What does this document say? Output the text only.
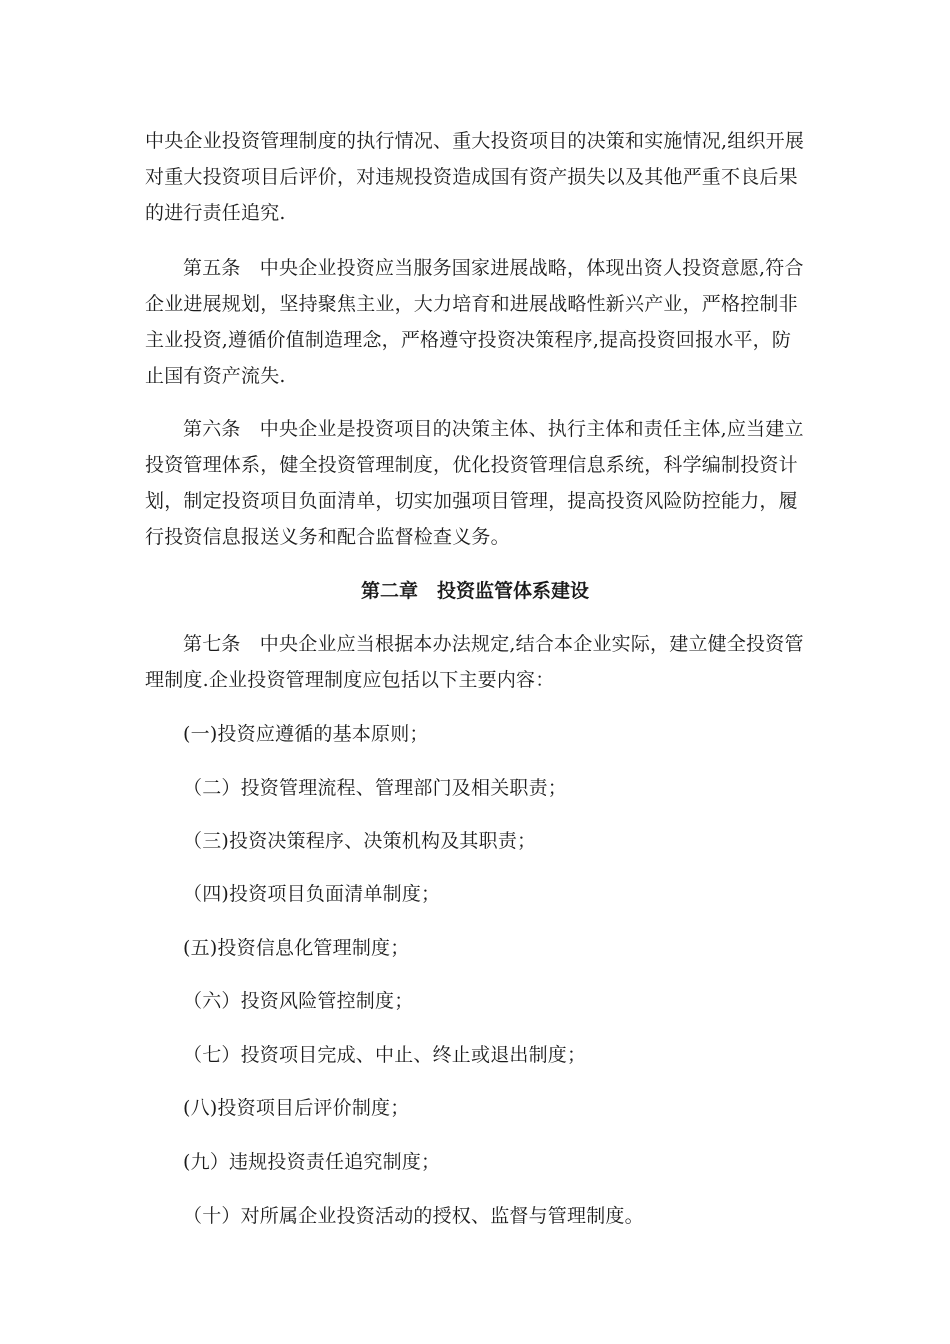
中央企业投资管理制度的执行情况、重大投资项目的决策和实施情况,组织开展
对重大投资项目后评价，对违规投资造成国有资产损失以及其他严重不良后果
的进行责任追究.
第五条　中央企业投资应当服务国家进展战略，体现出资人投资意愿,符合
企业进展规划，坚持聚焦主业，大力培育和进展战略性新兴产业，严格控制非
主业投资,遵循价值制造理念，严格遵守投资决策程序,提高投资回报水平，防
止国有资产流失.
第六条　中央企业是投资项目的决策主体、执行主体和责任主体,应当建立
投资管理体系，健全投资管理制度，优化投资管理信息系统，科学编制投资计
划，制定投资项目负面清单，切实加强项目管理，提高投资风险防控能力，履
行投资信息报送义务和配合监督检查义务。
第二章　投资监管体系建设
第七条　中央企业应当根据本办法规定,结合本企业实际，建立健全投资管
理制度.企业投资管理制度应包括以下主要内容：
(一)投资应遵循的基本原则；
（二）投资管理流程、管理部门及相关职责；
（三)投资决策程序、决策机构及其职责；
（四)投资项目负面清单制度；
(五)投资信息化管理制度；
（六）投资风险管控制度；
（七）投资项目完成、中止、终止或退出制度；
(八)投资项目后评价制度；
(九）违规投资责任追究制度；
（十）对所属企业投资活动的授权、监督与管理制度。
